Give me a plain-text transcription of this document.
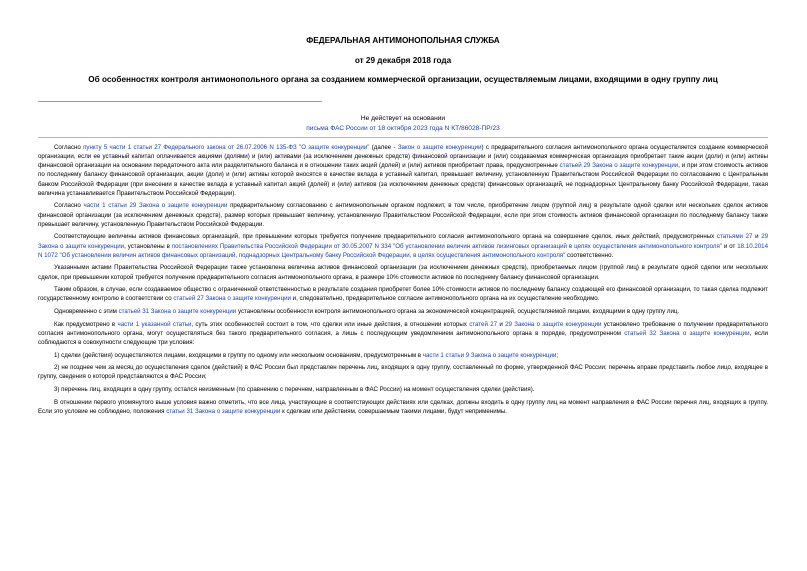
ФЕДЕРАЛЬНАЯ АНТИМОНОПОЛЬНАЯ СЛУЖБА
от 29 декабря 2018 года
Об особенностях контроля антимонопольного органа за созданием коммерческой организации, осуществляемым лицами, входящими в одну группу лиц
Не действует на основании
письма ФАС России от 18 октября 2023 года N КТ/86028-ПР/23

Согласно пункту 5 части 1 статьи 27 Федерального закона от 26.07.2006 N 135-ФЗ "О защите конкуренции" (далее - Закон о защите конкуренции) с предварительного согласия антимонопольного органа осуществляется создание коммерческой организации, если ее уставный капитал оплачивается акциями (долями) и (или) активами (за исключением денежных средств) финансовой организации и (или) создаваемая коммерческая организация приобретает такие акции (доли) и (или) активы финансовой организации на основании передаточного акта или разделительного баланса и в отношении таких акций (долей) и (или) активов приобретает права, предусмотренные статьей 29 Закона о защите конкуренции, и при этом стоимость активов по последнему балансу финансовой организации, акции (доли) и (или) активы которой вносятся в качестве вклада в уставный капитал, превышает величину, установленную Правительством Российской Федерации по согласованию с Центральным банком Российской Федерации (при внесении в качестве вклада в уставный капитал акций (долей) и (или) активов (за исключением денежных средств) финансовых организаций, не поднадзорных Центральному банку Российской Федерации, такая величина устанавливается Правительством Российской Федерации).

Согласно части 1 статьи 29 Закона о защите конкуренции предварительному согласованию с антимонопольным органом подлежит, в том числе, приобретение лицом (группой лиц) в результате одной сделки или нескольких сделок активов финансовой организации (за исключением денежных средств), размер которых превышает величину, установленную Правительством Российской Федерации, если при этом стоимость активов финансовой организации по последнему балансу также превышает величину, установленную Правительством Российской Федерации.

Соответствующие величины активов финансовых организаций, при превышении которых требуется получение предварительного согласия антимонопольного органа на совершение сделок, иных действий, предусмотренных статьями 27 и 29 Закона о защите конкуренции, установлены в постановлениях Правительства Российской Федерации от 30.05.2007 N 334 "Об установлении величин активов лизинговых организаций в целях осуществления антимонопольного контроля" и от 18.10.2014 N 1072 "Об установлении величин активов финансовых организаций, поднадзорных Центральному банку Российской Федерации, в целях осуществления антимонопольного контроля" соответственно.

Указанными актами Правительства Российской Федерации также установлена величина активов финансовой организации (за исключением денежных средств), приобретаемых лицом (группой лиц) в результате одной сделки или нескольких сделок, при превышении которой требуется получение предварительного согласия антимонопольного органа, в размере 10% стоимости активов по последнему балансу финансовой организации.

Таким образом, в случае, если создаваемое общество с ограниченной ответственностью в результате создания приобретет более 10% стоимости активов по последнему балансу создающей его финансовой организации, то такая сделка подлежит государственному контролю в соответствии со статьей 27 Закона о защите конкуренции и, следовательно, предварительное согласие антимонопольного органа на их осуществление необходимо.

Одновременно с этим статьей 31 Закона о защите конкуренции установлены особенности контроля антимонопольного органа за экономической концентрацией, осуществляемой лицами, входящими в одну группу лиц.

Как предусмотрено в части 1 указанной статьи, суть этих особенностей состоит в том, что сделки или иные действия, в отношении которых статей 27 и 29 Закона о защите конкуренции установлено требование о получении предварительного согласия антимонопольного органа, могут осуществляться без такого предварительного согласия, а лишь с последующим уведомлением антимонопольного органа в порядке, предусмотренном статьей 32 Закона о защите конкуренции, если соблюдаются в совокупности следующие три условия:

1) сделки (действия) осуществляются лицами, входящими в группу по одному или нескольким основаниям, предусмотренным в части 1 статьи 9 Закона о защите конкуренции;

2) не позднее чем за месяц до осуществления сделок (действий) в ФАС России был представлен перечень лиц, входящих в одну группу, составленный по форме, утвержденной ФАС России; перечень вправе представить любое лицо, входящее в группу, сведения о которой представляются в ФАС России;

3) перечень лиц, входящих в одну группу, остался неизменным (по сравнению с перечнем, направленным в ФАС России) на момент осуществления сделки (действия).

В отношении первого упомянутого выше условия важно отметить, что все лица, участвующие в соответствующих действиях или сделках, должны входить в одну группу лиц на момент направления в ФАС России перечня лиц, входящих в группу. Если это условие не соблюдено, положения статьи 31 Закона о защите конкуренции к сделкам или действиям, совершаемым такими лицами, будут неприменимы.
